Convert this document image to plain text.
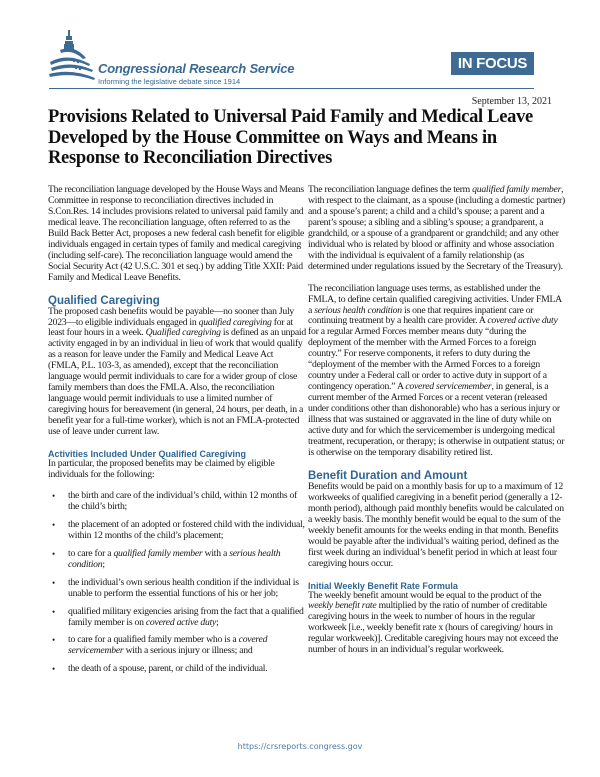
Congressional Research Service
Informing the legislative debate since 1914
IN FOCUS
September 13, 2021
Provisions Related to Universal Paid Family and Medical Leave Developed by the House Committee on Ways and Means in Response to Reconciliation Directives

The reconciliation language developed by the House Ways and Means Committee in response to reconciliation directives included in S.Con.Res. 14 includes provisions related to universal paid family and medical leave. The reconciliation language, often referred to as the Build Back Better Act, proposes a new federal cash benefit for eligible individuals engaged in certain types of family and medical caregiving (including self-care). The reconciliation language would amend the Social Security Act (42 U.S.C. 301 et seq.) by adding Title XXII: Paid Family and Medical Leave Benefits.

Qualified Caregiving

The proposed cash benefits would be payable—no sooner than July 2023—to eligible individuals engaged in qualified caregiving for at least four hours in a week. Qualified caregiving is defined as an unpaid activity engaged in by an individual in lieu of work that would qualify as a reason for leave under the Family and Medical Leave Act (FMLA, P.L. 103-3, as amended), except that the reconciliation language would permit individuals to care for a wider group of close family members than does the FMLA. Also, the reconciliation language would permit individuals to use a limited number of caregiving hours for bereavement (in general, 24 hours, per death, in a benefit year for a full-time worker), which is not an FMLA-protected use of leave under current law.

Activities Included Under Qualified Caregiving

In particular, the proposed benefits may be claimed by eligible individuals for the following:

• the birth and care of the individual’s child, within 12 months of the child’s birth;
• the placement of an adopted or fostered child with the individual, within 12 months of the child’s placement;
• to care for a qualified family member with a serious health condition;
• the individual’s own serious health condition if the individual is unable to perform the essential functions of his or her job;
• qualified military exigencies arising from the fact that a qualified family member is on covered active duty;
• to care for a qualified family member who is a covered servicemember with a serious injury or illness; and
• the death of a spouse, parent, or child of the individual.

The reconciliation language defines the term qualified family member, with respect to the claimant, as a spouse (including a domestic partner) and a spouse’s parent; a child and a child’s spouse; a parent and a parent’s spouse; a sibling and a sibling’s spouse; a grandparent, a grandchild, or a spouse of a grandparent or grandchild; and any other individual who is related by blood or affinity and whose association with the individual is equivalent of a family relationship (as determined under regulations issued by the Secretary of the Treasury).

The reconciliation language uses terms, as established under the FMLA, to define certain qualified caregiving activities. Under FMLA a serious health condition is one that requires inpatient care or continuing treatment by a health care provider. A covered active duty for a regular Armed Forces member means duty “during the deployment of the member with the Armed Forces to a foreign country.” For reserve components, it refers to duty during the “deployment of the member with the Armed Forces to a foreign country under a Federal call or order to active duty in support of a contingency operation.” A covered servicemember, in general, is a current member of the Armed Forces or a recent veteran (released under conditions other than dishonorable) who has a serious injury or illness that was sustained or aggravated in the line of duty while on active duty and for which the servicemember is undergoing medical treatment, recuperation, or therapy; is otherwise in outpatient status; or is otherwise on the temporary disability retired list.

Benefit Duration and Amount

Benefits would be paid on a monthly basis for up to a maximum of 12 workweeks of qualified caregiving in a benefit period (generally a 12-month period), although paid monthly benefits would be calculated on a weekly basis. The monthly benefit would be equal to the sum of the weekly benefit amounts for the weeks ending in that month. Benefits would be payable after the individual’s waiting period, defined as the first week during an individual’s benefit period in which at least four caregiving hours occur.

Initial Weekly Benefit Rate Formula

The weekly benefit amount would be equal to the product of the weekly benefit rate multiplied by the ratio of number of creditable caregiving hours in the week to number of hours in the regular workweek [i.e., weekly benefit rate x (hours of caregiving/ hours in regular workweek)]. Creditable caregiving hours may not exceed the number of hours in an individual’s regular workweek.

https://crsreports.congress.gov
